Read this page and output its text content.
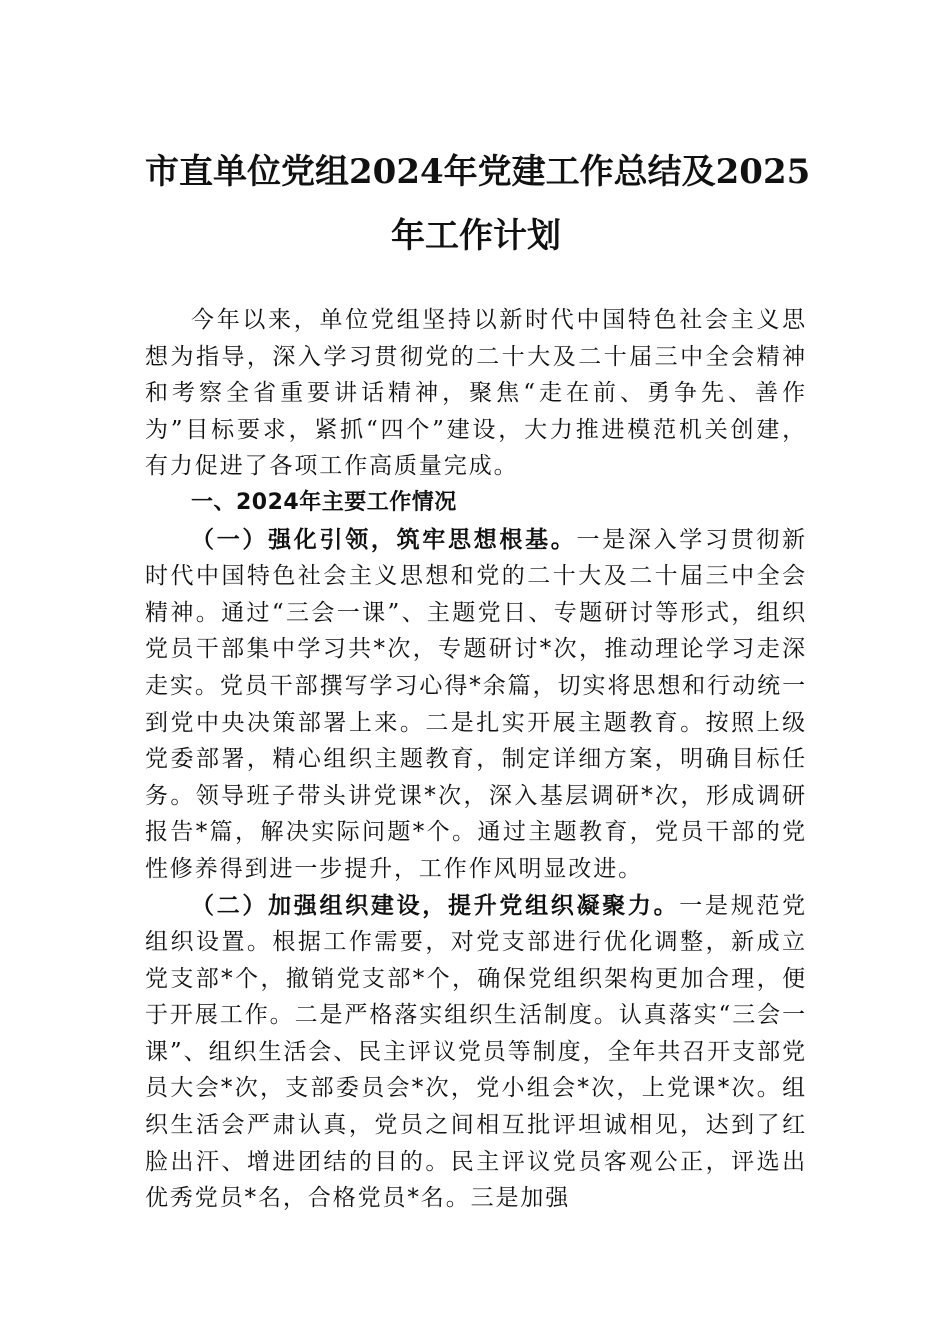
市直单位党组2024年党建工作总结及2025
年工作计划

今年以来，单位党组坚持以新时代中国特色社会主义思想为指导，深入学习贯彻党的二十大及二十届三中全会精神和考察全省重要讲话精神，聚焦“走在前、勇争先、善作为”目标要求，紧抓“四个”建设，大力推进模范机关创建，有力促进了各项工作高质量完成。

一、2024年主要工作情况

（一）强化引领，筑牢思想根基。一是深入学习贯彻新时代中国特色社会主义思想和党的二十大及二十届三中全会精神。通过“三会一课”、主题党日、专题研讨等形式，组织党员干部集中学习共*次，专题研讨*次，推动理论学习走深走实。党员干部撰写学习心得*余篇，切实将思想和行动统一到党中央决策部署上来。二是扎实开展主题教育。按照上级党委部署，精心组织主题教育，制定详细方案，明确目标任务。领导班子带头讲党课*次，深入基层调研*次，形成调研报告*篇，解决实际问题*个。通过主题教育，党员干部的党性修养得到进一步提升，工作作风明显改进。

（二）加强组织建设，提升党组织凝聚力。一是规范党组织设置。根据工作需要，对党支部进行优化调整，新成立党支部*个，撤销党支部*个，确保党组织架构更加合理，便于开展工作。二是严格落实组织生活制度。认真落实“三会一课”、组织生活会、民主评议党员等制度，全年共召开支部党员大会*次，支部委员会*次，党小组会*次，上党课*次。组织生活会严肃认真，党员之间相互批评坦诚相见，达到了红脸出汗、增进团结的目的。民主评议党员客观公正，评选出优秀党员*名，合格党员*名。三是加强
